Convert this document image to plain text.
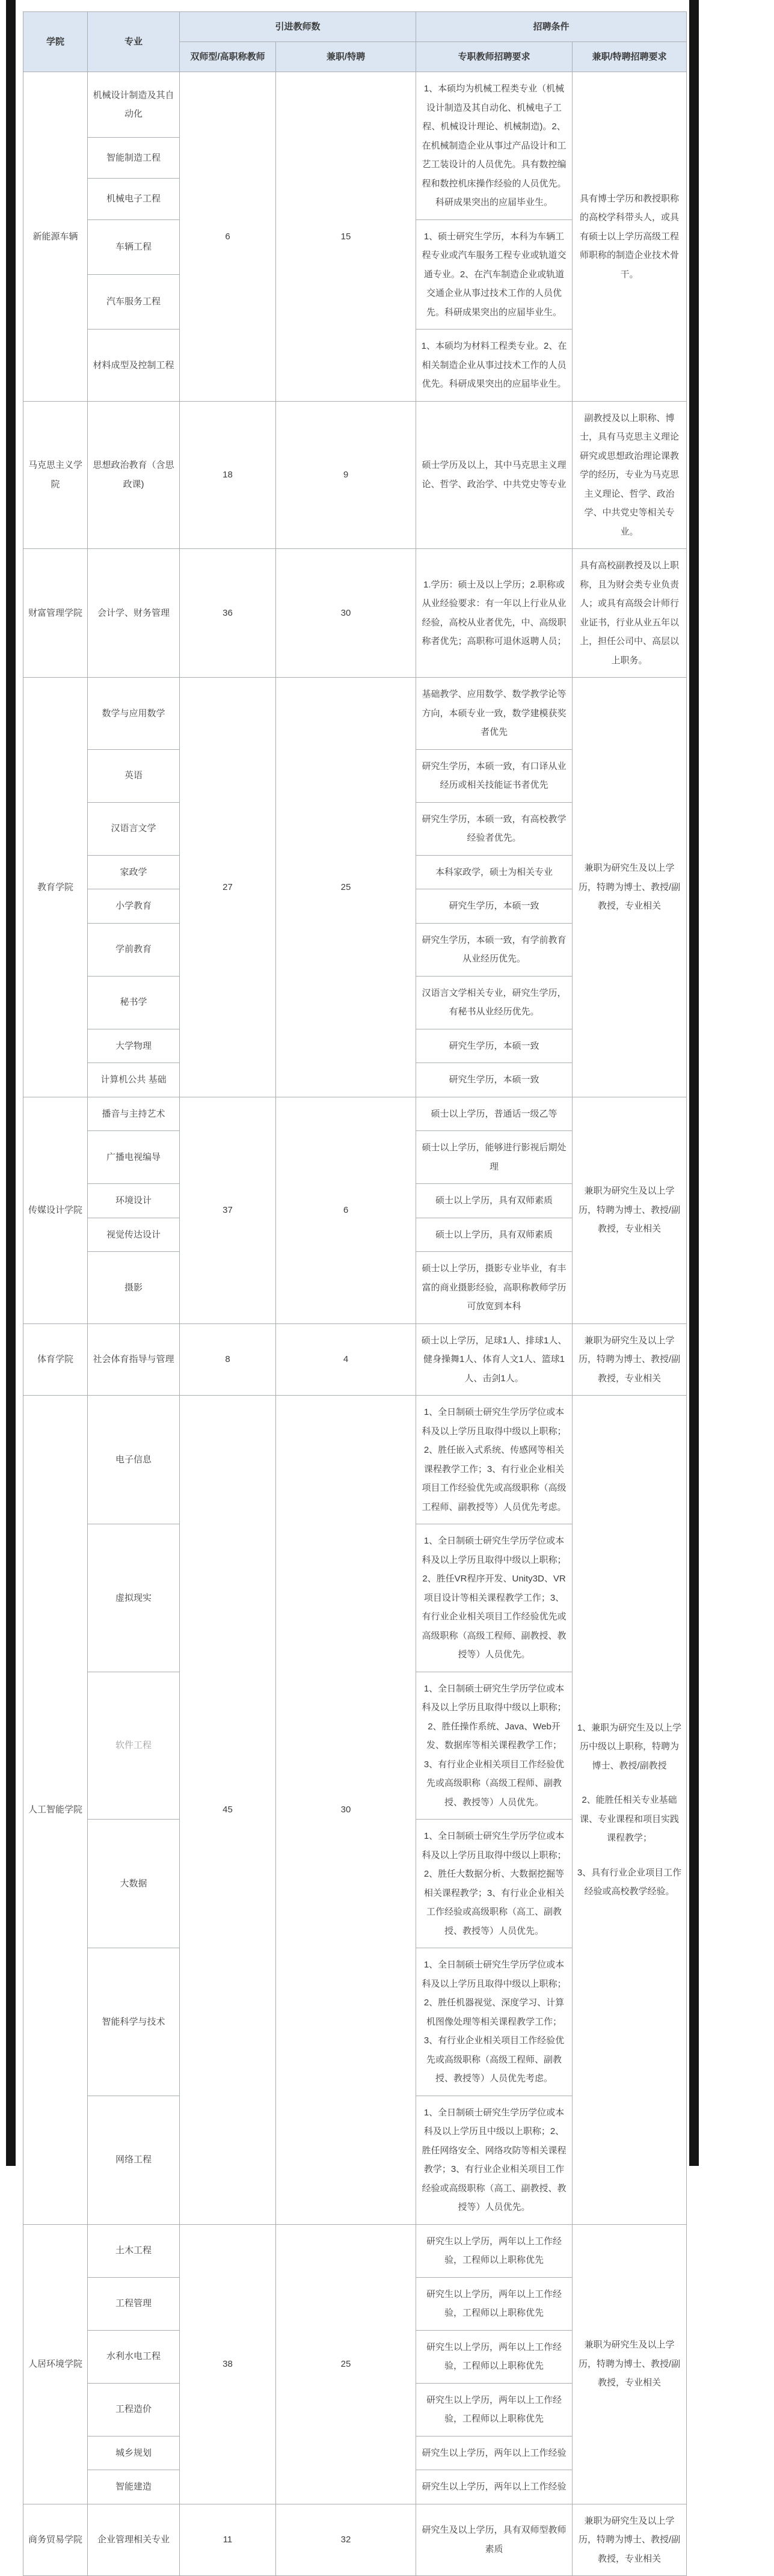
学院	专业	引进教师数		招聘条件	
		双师型/高职称教师	兼职/特聘	专职教师招聘要求	兼职/特聘招聘要求
新能源车辆	机械设计制造及其自动化	6	15	1、本硕均为机械工程类专业（机械设计制造及其自动化、机械电子工程、机械设计理论、机械制造)。2、在机械制造企业从事过产品设计和工艺工装设计的人员优先。具有数控编程和数控机床操作经验的人员优先。科研成果突出的应届毕业生。	具有博士学历和教授职称的高校学科带头人，或具有硕士以上学历高级工程师职称的制造企业技术骨干。

	智能制造工程				
	机械电子工程				
	车辆工程			1、硕士研究生学历，本科为车辆工程专业或汽车服务工程专业或轨道交通专业。2、在汽车制造企业或轨道交通企业从事过技术工作的人员优先。科研成果突出的应届毕业生。	
	汽车服务工程				
	材料成型及控制工程			1、本硕均为材料工程类专业。2、在相关制造企业从事过技术工作的人员优先。科研成果突出的应届毕业生。	
马克思主义学院	思想政治教育（含思政课)	18	9	硕士学历及以上，其中马克思主义理论、哲学、政治学、中共党史等专业	副教授及以上职称、博士，具有马克思主义理论研究或思想政治理论课教学的经历，专业为马克思主义理论、哲学、政治学、中共党史等相关专业。

财富管理学院	会计学、财务管理	36	30	1.学历：硕士及以上学历；2.职称或从业经验要求：有一年以上行业从业经验，高校从业者优先，中、高级职称者优先；高职称可退休返聘人员；	具有高校副教授及以上职称，且为财会类专业负责人；或具有高级会计师行业证书，行业从业五年以上，担任公司中、高层以上职务。

教育学院	数学与应用数学	27	25	基础教学、应用数学、数学教学论等方向，本硕专业一致，数学建模获奖者优先	兼职为研究生及以上学历，特聘为博士、教授/副教授，专业相关

	英语			研究生学历，本硕一致，有口译从业经历或相关技能证书者优先	
	汉语言文学			研究生学历，本硕一致，有高校教学经验者优先。	
	家政学			本科家政学，硕士为相关专业	
	小学教育			研究生学历，本硕一致	
	学前教育			研究生学历，本硕一致，有学前教育从业经历优先。	
	秘书学			汉语言文学相关专业，研究生学历，有秘书从业经历优先。	
	大学物理			研究生学历，本硕一致	
	计算机公共 基础			研究生学历，本硕一致	
传媒设计学院	播音与主持艺术	37	6	硕士以上学历，普通话一级乙等	兼职为研究生及以上学历，特聘为博士、教授/副教授，专业相关

	广播电视编导			硕士以上学历，能够进行影视后期处理	
	环境设计			硕士以上学历，具有双师素质	
	视觉传达设计			硕士以上学历，具有双师素质	
	摄影			硕士以上学历，摄影专业毕业，有丰富的商业摄影经验，高职称教师学历可放宽到本科	
体育学院	社会体育指导与管理	8	4	硕士以上学历，足球1人、排球1人、健身操舞1人、体育人文1人、篮球1人、击剑1人。	兼职为研究生及以上学历，特聘为博士、教授/副教授，专业相关

人工智能学院	电子信息	45	30	1、全日制硕士研究生学历学位或本科及以上学历且取得中级以上职称；2、胜任嵌入式系统、传感网等相关课程教学工作；3、有行业企业相关项目工作经验优先或高级职称（高级工程师、副教授等）人员优先考虑。	1、兼职为研究生及以上学历中级以上职称，特聘为博士、教授/副教授
2、能胜任相关专业基础课、专业课程和项目实践课程教学；
3、具有行业企业项目工作经验或高校教学经验。

	虚拟现实			1、全日制硕士研究生学历学位或本科及以上学历且取得中级以上职称；2、胜任VR程序开发、Unity3D、VR项目设计等相关课程教学工作；3、有行业企业相关项目工作经验优先或高级职称（高级工程师、副教授、教授等）人员优先。	
	软件工程			1、全日制硕士研究生学历学位或本科及以上学历且取得中级以上职称；2、胜任操作系统、Java、Web开发、数据库等相关课程教学工作；3、有行业企业相关项目工作经验优先或高级职称（高级工程师、副教授、教授等）人员优先。	
	大数据			1、全日制硕士研究生学历学位或本科及以上学历且取得中级以上职称；2、胜任大数据分析、大数据挖掘等相关课程教学；3、有行业企业相关工作经验或高级职称（高工、副教授、教授等）人员优先。	
	智能科学与技术			1、全日制硕士研究生学历学位或本科及以上学历且取得中级以上职称；2、胜任机器视觉、深度学习、计算机图像处理等相关课程教学工作；3、有行业企业相关项目工作经验优先或高级职称（高级工程师、副教授、教授等）人员优先考虑。	
	网络工程			1、全日制硕士研究生学历学位或本科及以上学历且中级以上职称；2、胜任网络安全、网络攻防等相关课程教学；3、有行业企业相关项目工作经验或高级职称（高工、副教授、教授等）人员优先。	
人居环境学院	土木工程	38	25	研究生以上学历，两年以上工作经验，工程师以上职称优先	兼职为研究生及以上学历，特聘为博士、教授/副教授，专业相关

	工程管理			研究生以上学历，两年以上工作经验，工程师以上职称优先	
	水利水电工程			研究生以上学历，两年以上工作经验，工程师以上职称优先	
	工程造价			研究生以上学历，两年以上工作经验，工程师以上职称优先	
	城乡规划			研究生以上学历，两年以上工作经验	
	智能建造			研究生以上学历，两年以上工作经验	
商务贸易学院	企业管理相关专业	11	32	研究生及以上学历，具有双师型教师素质	兼职为研究生及以上学历，特聘为博士、教授/副教授，专业相关
